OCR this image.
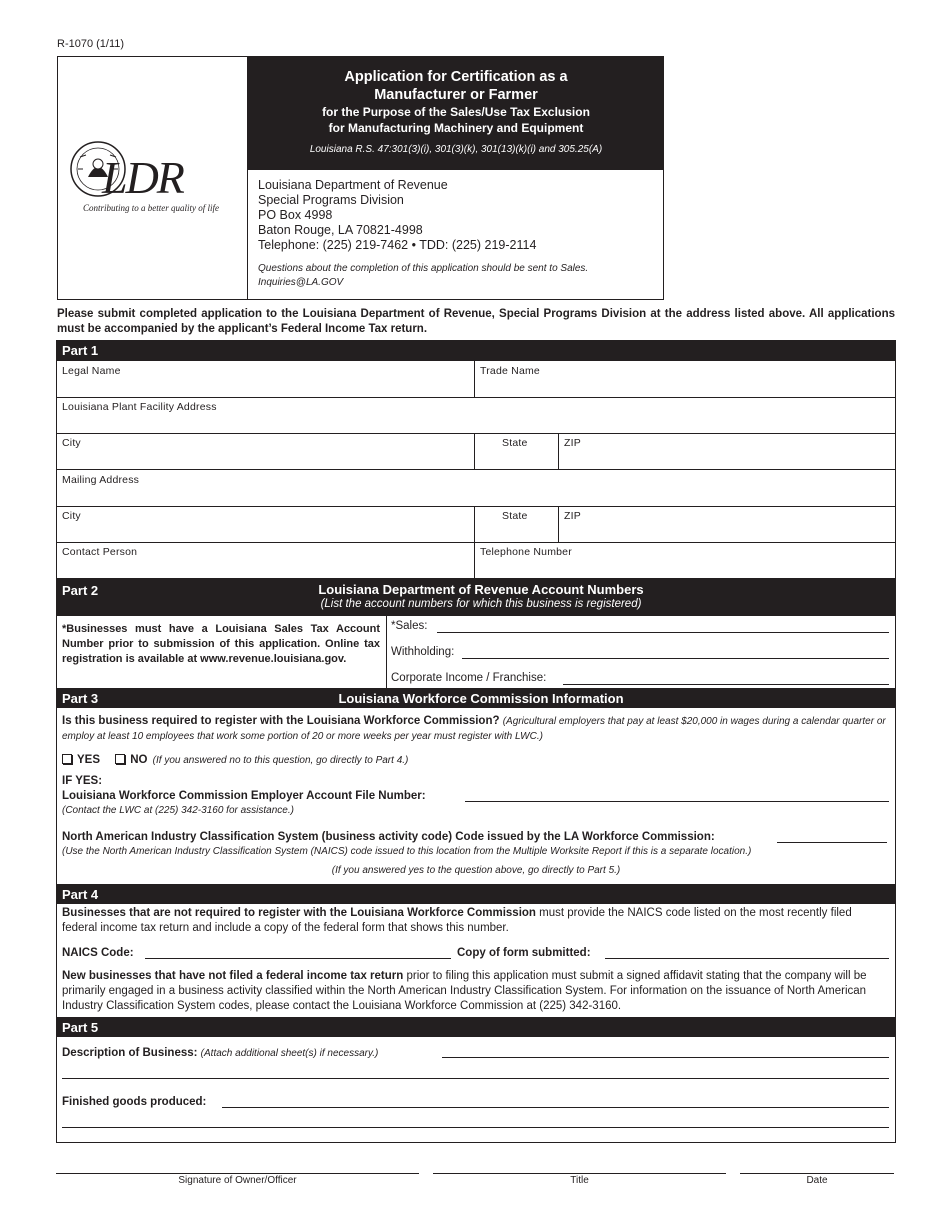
R-1070 (1/11)
LDR
Contributing to a better quality of life
Application for Certification as a
Manufacturer or Farmer
for the Purpose of the Sales/Use Tax Exclusion
for Manufacturing Machinery and Equipment
Louisiana R.S. 47:301(3)(i), 301(3)(k), 301(13)(k)(i) and 305.25(A)
Louisiana Department of Revenue
Special Programs Division
PO Box 4998
Baton Rouge, LA 70821-4998
Telephone: (225) 219-7462 • TDD: (225) 219-2114
Questions about the completion of this application should be sent to Sales.
Inquiries@LA.GOV
Please submit completed application to the Louisiana Department of Revenue, Special Programs Division at the address listed above. All applications must be accompanied by the applicant’s Federal Income Tax return.
Part 1
Legal Name	Trade Name
Louisiana Plant Facility Address
City	State	ZIP
Mailing Address
City	State	ZIP
Contact Person	Telephone Number
Part 2	Louisiana Department of Revenue Account Numbers
(List the account numbers for which this business is registered)
*Businesses must have a Louisiana Sales Tax Account Number prior to submission of this application. Online tax registration is available at www.revenue.louisiana.gov.
*Sales:
Withholding:
Corporate Income / Franchise:
Part 3	Louisiana Workforce Commission Information
Is this business required to register with the Louisiana Workforce Commission? (Agricultural employers that pay at least $20,000 in wages during a calendar quarter or employ at least 10 employees that work some portion of 20 or more weeks per year must register with LWC.)
YES	NO (If you answered no to this question, go directly to Part 4.)
IF YES:
Louisiana Workforce Commission Employer Account File Number:
(Contact the LWC at (225) 342-3160 for assistance.)
North American Industry Classification System (business activity code) Code issued by the LA Workforce Commission:
(Use the North American Industry Classification System (NAICS) code issued to this location from the Multiple Worksite Report if this is a separate location.)
(If you answered yes to the question above, go directly to Part 5.)
Part 4
Businesses that are not required to register with the Louisiana Workforce Commission must provide the NAICS code listed on the most recently filed federal income tax return and include a copy of the federal form that shows this number.
NAICS Code:	Copy of form submitted:
New businesses that have not filed a federal income tax return prior to filing this application must submit a signed affidavit stating that the company will be primarily engaged in a business activity classified within the North American Industry Classification System. For information on the issuance of North American Industry Classification System codes, please contact the Louisiana Workforce Commission at (225) 342-3160.
Part 5
Description of Business: (Attach additional sheet(s) if necessary.)
Finished goods produced:
Signature of Owner/Officer	Title	Date
